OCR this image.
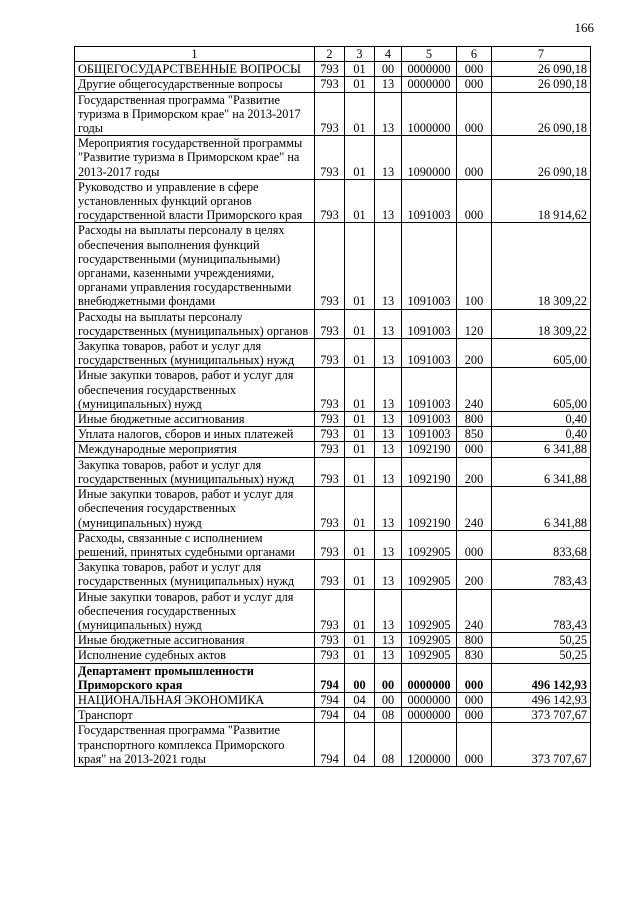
166
1	2	3	4	5	6	7
ОБЩЕГОСУДАРСТВЕННЫЕ ВОПРОСЫ	793	01	00	0000000	000	26 090,18
Другие общегосударственные вопросы	793	01	13	0000000	000	26 090,18
Государственная программа "Развитие туризма в Приморском крае" на 2013-2017 годы	793	01	13	1000000	000	26 090,18
Мероприятия государственной программы "Развитие туризма в Приморском крае" на 2013-2017 годы	793	01	13	1090000	000	26 090,18
Руководство и управление в сфере установленных функций органов государственной власти Приморского края	793	01	13	1091003	000	18 914,62
Расходы на выплаты персоналу в целях обеспечения выполнения функций государственными (муниципальными) органами, казенными учреждениями, органами управления государственными внебюджетными фондами	793	01	13	1091003	100	18 309,22
Расходы на выплаты персоналу государственных (муниципальных) органов	793	01	13	1091003	120	18 309,22
Закупка товаров, работ и услуг для государственных (муниципальных) нужд	793	01	13	1091003	200	605,00
Иные закупки товаров, работ и услуг для обеспечения государственных (муниципальных) нужд	793	01	13	1091003	240	605,00
Иные бюджетные ассигнования	793	01	13	1091003	800	0,40
Уплата налогов, сборов и иных платежей	793	01	13	1091003	850	0,40
Международные мероприятия	793	01	13	1092190	000	6 341,88
Закупка товаров, работ и услуг для государственных (муниципальных) нужд	793	01	13	1092190	200	6 341,88
Иные закупки товаров, работ и услуг для обеспечения государственных (муниципальных) нужд	793	01	13	1092190	240	6 341,88
Расходы, связанные с исполнением решений, принятых судебными органами	793	01	13	1092905	000	833,68
Закупка товаров, работ и услуг для государственных (муниципальных) нужд	793	01	13	1092905	200	783,43
Иные закупки товаров, работ и услуг для обеспечения государственных (муниципальных) нужд	793	01	13	1092905	240	783,43
Иные бюджетные ассигнования	793	01	13	1092905	800	50,25
Исполнение судебных актов	793	01	13	1092905	830	50,25
Департамент промышленности Приморского края	794	00	00	0000000	000	496 142,93
НАЦИОНАЛЬНАЯ ЭКОНОМИКА	794	04	00	0000000	000	496 142,93
Транспорт	794	04	08	0000000	000	373 707,67
Государственная программа "Развитие транспортного комплекса Приморского края" на 2013-2021 годы	794	04	08	1200000	000	373 707,67
